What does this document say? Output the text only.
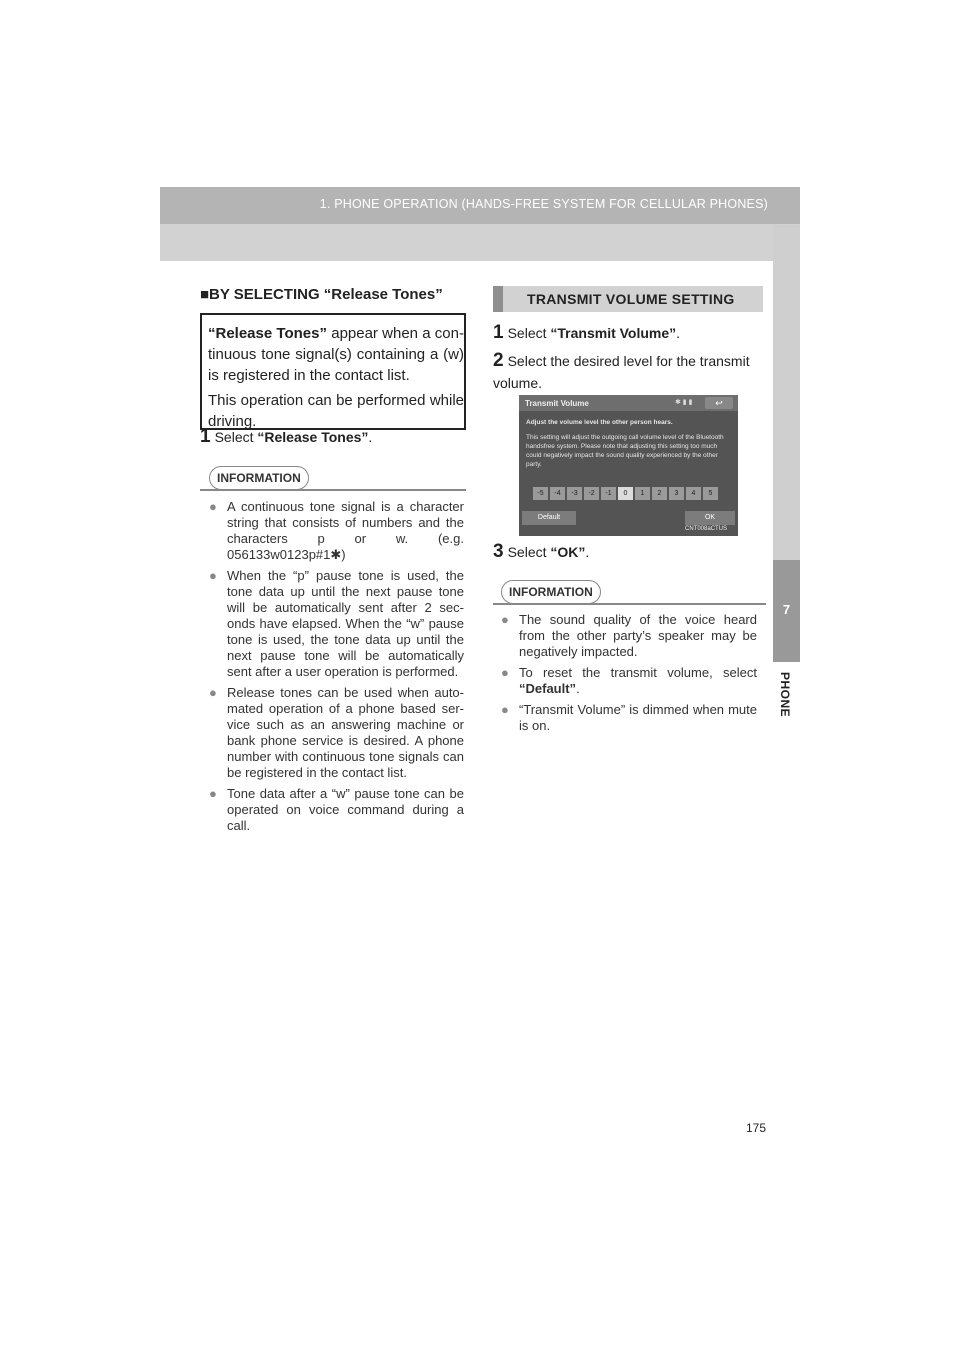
1. PHONE OPERATION (HANDS-FREE SYSTEM FOR CELLULAR PHONES)
7
PHONE
■BY SELECTING “Release Tones”

“Release Tones” appear when a con-tinuous tone signal(s) containing a (w) is registered in the contact list.

This operation can be performed while driving.

1 Select “Release Tones”.
INFORMATION
● A continuous tone signal is a character string that consists of numbers and the characters p or w. (e.g. 056133w0123p#1✱)
● When the “p” pause tone is used, the tone data up until the next pause tone will be automatically sent after 2 sec-onds have elapsed. When the “w” pause tone is used, the tone data up until the next pause tone will be automatically sent after a user operation is performed.
● Release tones can be used when auto-mated operation of a phone based ser-vice such as an answering machine or bank phone service is desired. A phone number with continuous tone signals can be registered in the contact list.
● Tone data after a “w” pause tone can be operated on voice command during a call.
TRANSMIT VOLUME SETTING
1 Select “Transmit Volume”.
2 Select the desired level for the transmit volume.
Transmit Volume	✱ ▮ ▮	↩
Adjust the volume level the other person hears.
This setting will adjust the outgoing call volume level of the Bluetooth handsfree system. Please note that adjusting this setting too much could negatively impact the sound quality experienced by the other party.
-5	-4	-3	-2	-1	0	1	2	3	4	5
Default	OK
CNT008aCTUS
3 Select “OK”.
INFORMATION
● The sound quality of the voice heard from the other party’s speaker may be negatively impacted.
● To reset the transmit volume, select “Default”.
● “Transmit Volume” is dimmed when mute is on.
175
